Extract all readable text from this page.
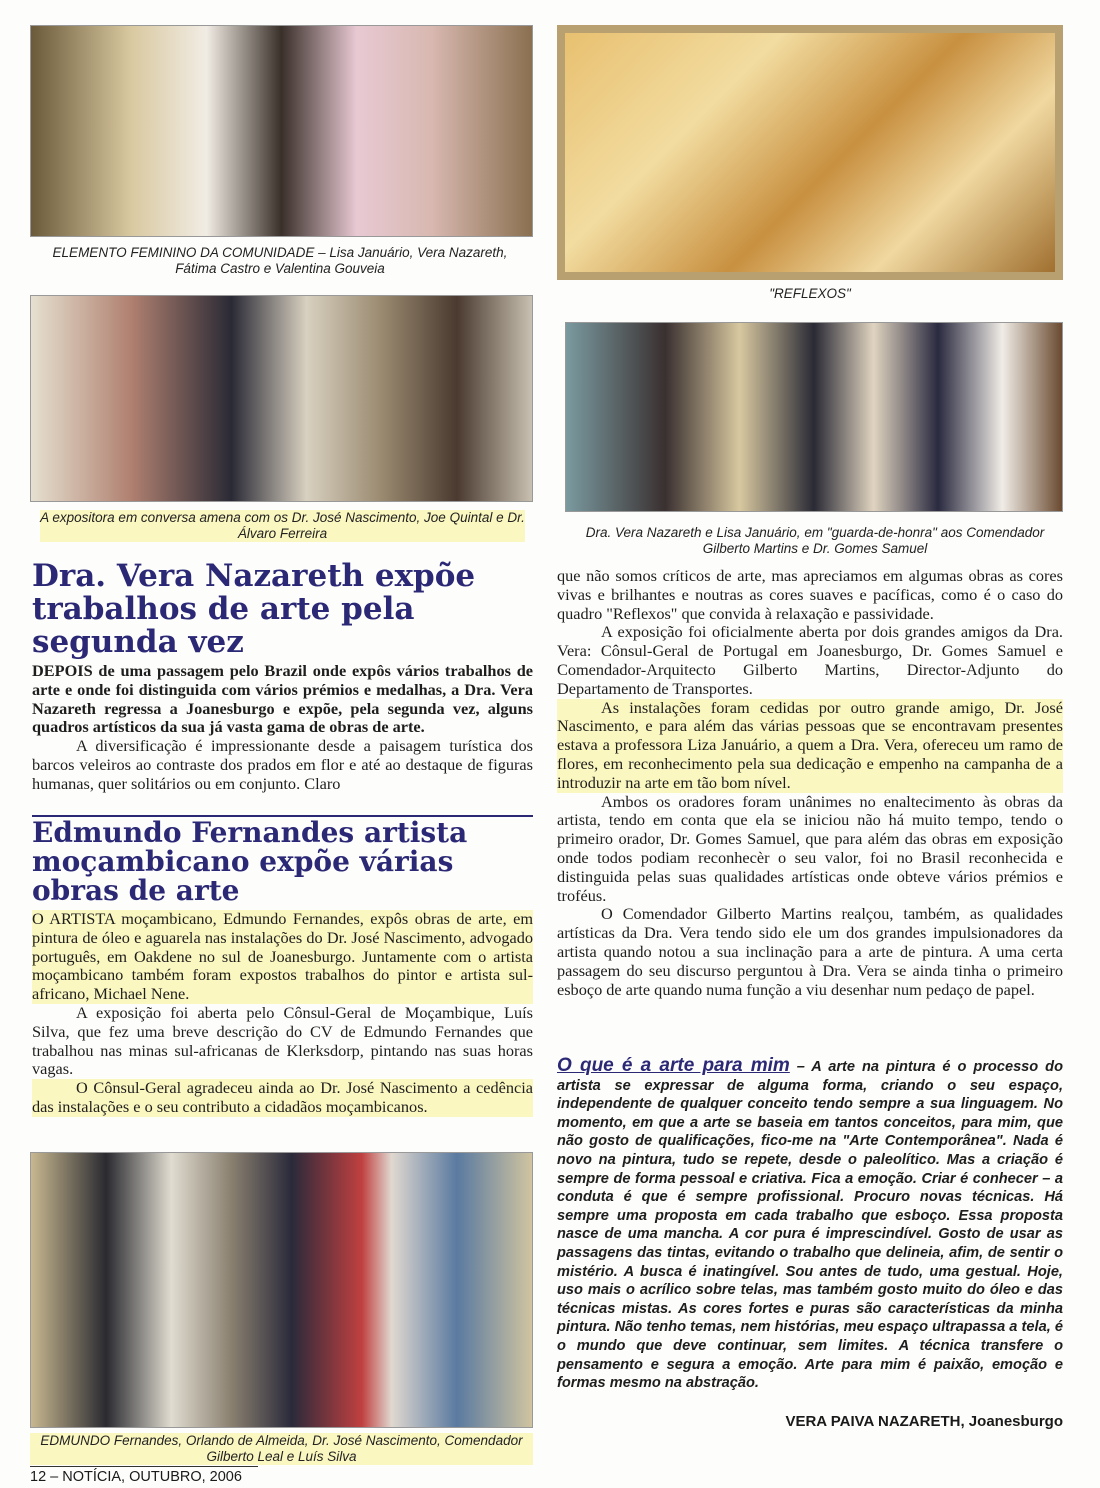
ELEMENTO FEMININO DA COMUNIDADE – Lisa Januário, Vera Nazareth, Fátima Castro e Valentina Gouveia
A expositora em conversa amena com os Dr. José Nascimento, Joe Quintal e Dr. Álvaro Ferreira
"REFLEXOS"
Dra. Vera Nazareth e Lisa Januário, em "guarda-de-honra" aos Comendador Gilberto Martins e Dr. Gomes Samuel
EDMUNDO Fernandes, Orlando de Almeida, Dr. José Nascimento, Comendador Gilberto Leal e Luís Silva
Dra. Vera Nazareth expõe trabalhos de arte pela segunda vez

DEPOIS de uma passagem pelo Brazil onde expôs vários trabalhos de arte e onde foi distinguida com vários prémios e medalhas, a Dra. Vera Nazareth regressa a Joanesburgo e expõe, pela segunda vez, alguns quadros artísticos da sua já vasta gama de obras de arte.

A diversificação é impressionante desde a paisagem turística dos barcos veleiros ao contraste dos prados em flor e até ao destaque de figuras humanas, quer solitários ou em conjunto. Claro

Edmundo Fernandes artista moçambicano expõe várias obras de arte

O ARTISTA moçambicano, Edmundo Fernandes, expôs obras de arte, em pintura de óleo e aguarela nas instalações do Dr. José Nascimento, advogado português, em Oakdene no sul de Joanesburgo. Juntamente com o artista moçambicano também foram expostos trabalhos do pintor e artista sul-africano, Michael Nene.

A exposição foi aberta pelo Cônsul-Geral de Moçambique, Luís Silva, que fez uma breve descrição do CV de Edmundo Fernandes que trabalhou nas minas sul-africanas de Klerksdorp, pintando nas suas horas vagas.

O Cônsul-Geral agradeceu ainda ao Dr. José Nascimento a cedência das instalações e o seu contributo a cidadãos moçambicanos.

que não somos críticos de arte, mas apreciamos em algumas obras as cores vivas e brilhantes e noutras as cores suaves e pacíficas, como é o caso do quadro "Reflexos" que convida à relaxação e passividade.

A exposição foi oficialmente aberta por dois grandes amigos da Dra. Vera: Cônsul-Geral de Portugal em Joanesburgo, Dr. Gomes Samuel e Comendador-Arquitecto Gilberto Martins, Director-Adjunto do Departamento de Transportes.

As instalações foram cedidas por outro grande amigo, Dr. José Nascimento, e para além das várias pessoas que se encontravam presentes estava a professora Liza Januário, a quem a Dra. Vera, ofereceu um ramo de flores, em reconhecimento pela sua dedicação e empenho na campanha de a introduzir na arte em tão bom nível.

Ambos os oradores foram unânimes no enaltecimento às obras da artista, tendo em conta que ela se iniciou não há muito tempo, tendo o primeiro orador, Dr. Gomes Samuel, que para além das obras em exposição onde todos podiam reconhecèr o seu valor, foi no Brasil reconhecida e distinguida pelas suas qualidades artísticas onde obteve vários prémios e troféus.

O Comendador Gilberto Martins realçou, também, as qualidades artísticas da Dra. Vera tendo sido ele um dos grandes impulsionadores da artista quando notou a sua inclinação para a arte de pintura. A uma certa passagem do seu discurso perguntou à Dra. Vera se ainda tinha o primeiro esboço de arte quando numa função a viu desenhar num pedaço de papel.

O que é a arte para mim – A arte na pintura é o processo do artista se expressar de alguma forma, criando o seu espaço, independente de qualquer conceito tendo sempre a sua linguagem. No momento, em que a arte se baseia em tantos conceitos, para mim, que não gosto de qualificações, fico-me na "Arte Contemporânea". Nada é novo na pintura, tudo se repete, desde o paleolítico. Mas a criação é sempre de forma pessoal e criativa. Fica a emoção. Criar é conhecer – a conduta é que é sempre profissional. Procuro novas técnicas. Há sempre uma proposta em cada trabalho que esboço. Essa proposta nasce de uma mancha. A cor pura é imprescindível. Gosto de usar as passagens das tintas, evitando o trabalho que delineia, afim, de sentir o mistério. A busca é inatingível. Sou antes de tudo, uma gestual. Hoje, uso mais o acrílico sobre telas, mas também gosto muito do óleo e das técnicas mistas. As cores fortes e puras são características da minha pintura. Não tenho temas, nem histórias, meu espaço ultrapassa a tela, é o mundo que deve continuar, sem limites. A técnica transfere o pensamento e segura a emoção. Arte para mim é paixão, emoção e formas mesmo na abstração.
VERA PAIVA NAZARETH, Joanesburgo
12 – NOTÍCIA, OUTUBRO, 2006
